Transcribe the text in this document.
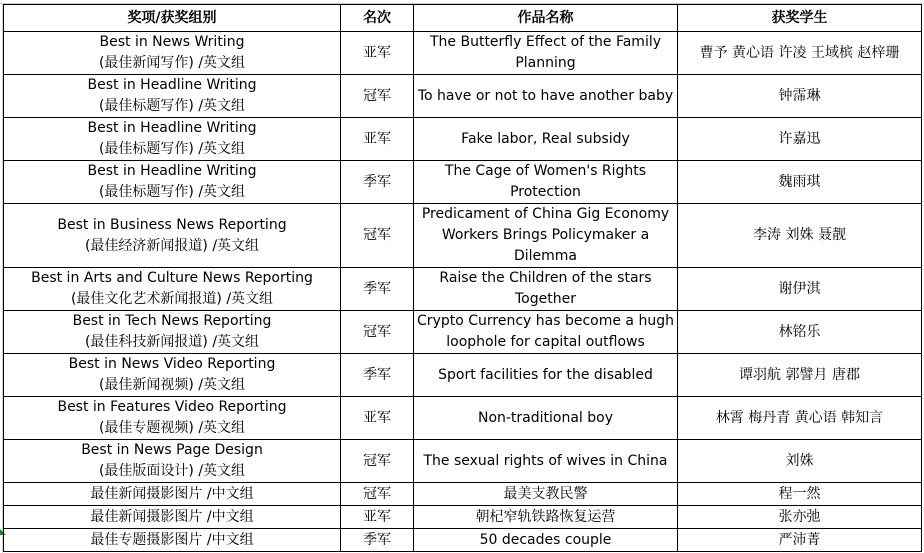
奖项/获奖组别	名次	作品名称	获奖学生

Best in News Writing
(最佳新闻写作) /英文组	亚军	The Butterfly Effect of the Family Planning	曹予 黄心语 许凌 王域槟 赵梓珊

Best in Headline Writing
(最佳标题写作) /英文组	冠军	To have or not to have another baby	钟霈琳

Best in Headline Writing
(最佳标题写作) /英文组	亚军	Fake labor, Real subsidy	许嘉迅

Best in Headline Writing
(最佳标题写作) /英文组	季军	The Cage of Women's Rights Protection	魏雨琪

Best in Business News Reporting
(最佳经济新闻报道) /英文组	冠军	Predicament of China Gig Economy Workers Brings Policymaker a Dilemma	李涛 刘姝 聂靓

Best in Arts and Culture News Reporting
(最佳文化艺术新闻报道) /英文组	季军	Raise the Children of the stars Together	谢伊淇

Best in Tech News Reporting
(最佳科技新闻报道) /英文组	冠军	Crypto Currency has become a hugh loophole for capital outflows	林铭乐

Best in News Video Reporting
(最佳新闻视频) /英文组	季军	Sport facilities for the disabled	谭羽航 郭譬月 唐郡

Best in Features Video Reporting
(最佳专题视频) /英文组	亚军	Non-traditional boy	林霄 梅丹青 黄心语 韩知言

Best in News Page Design
(最佳版面设计) /英文组	冠军	The sexual rights of wives in China	刘姝
最佳新闻摄影图片 /中文组	冠军	最美支教民警	程一然
最佳新闻摄影图片 /中文组	亚军	朝杞窄轨铁路恢复运营	张亦弛
最佳专题摄影图片 /中文组	季军	50 decades couple	严沛菁
